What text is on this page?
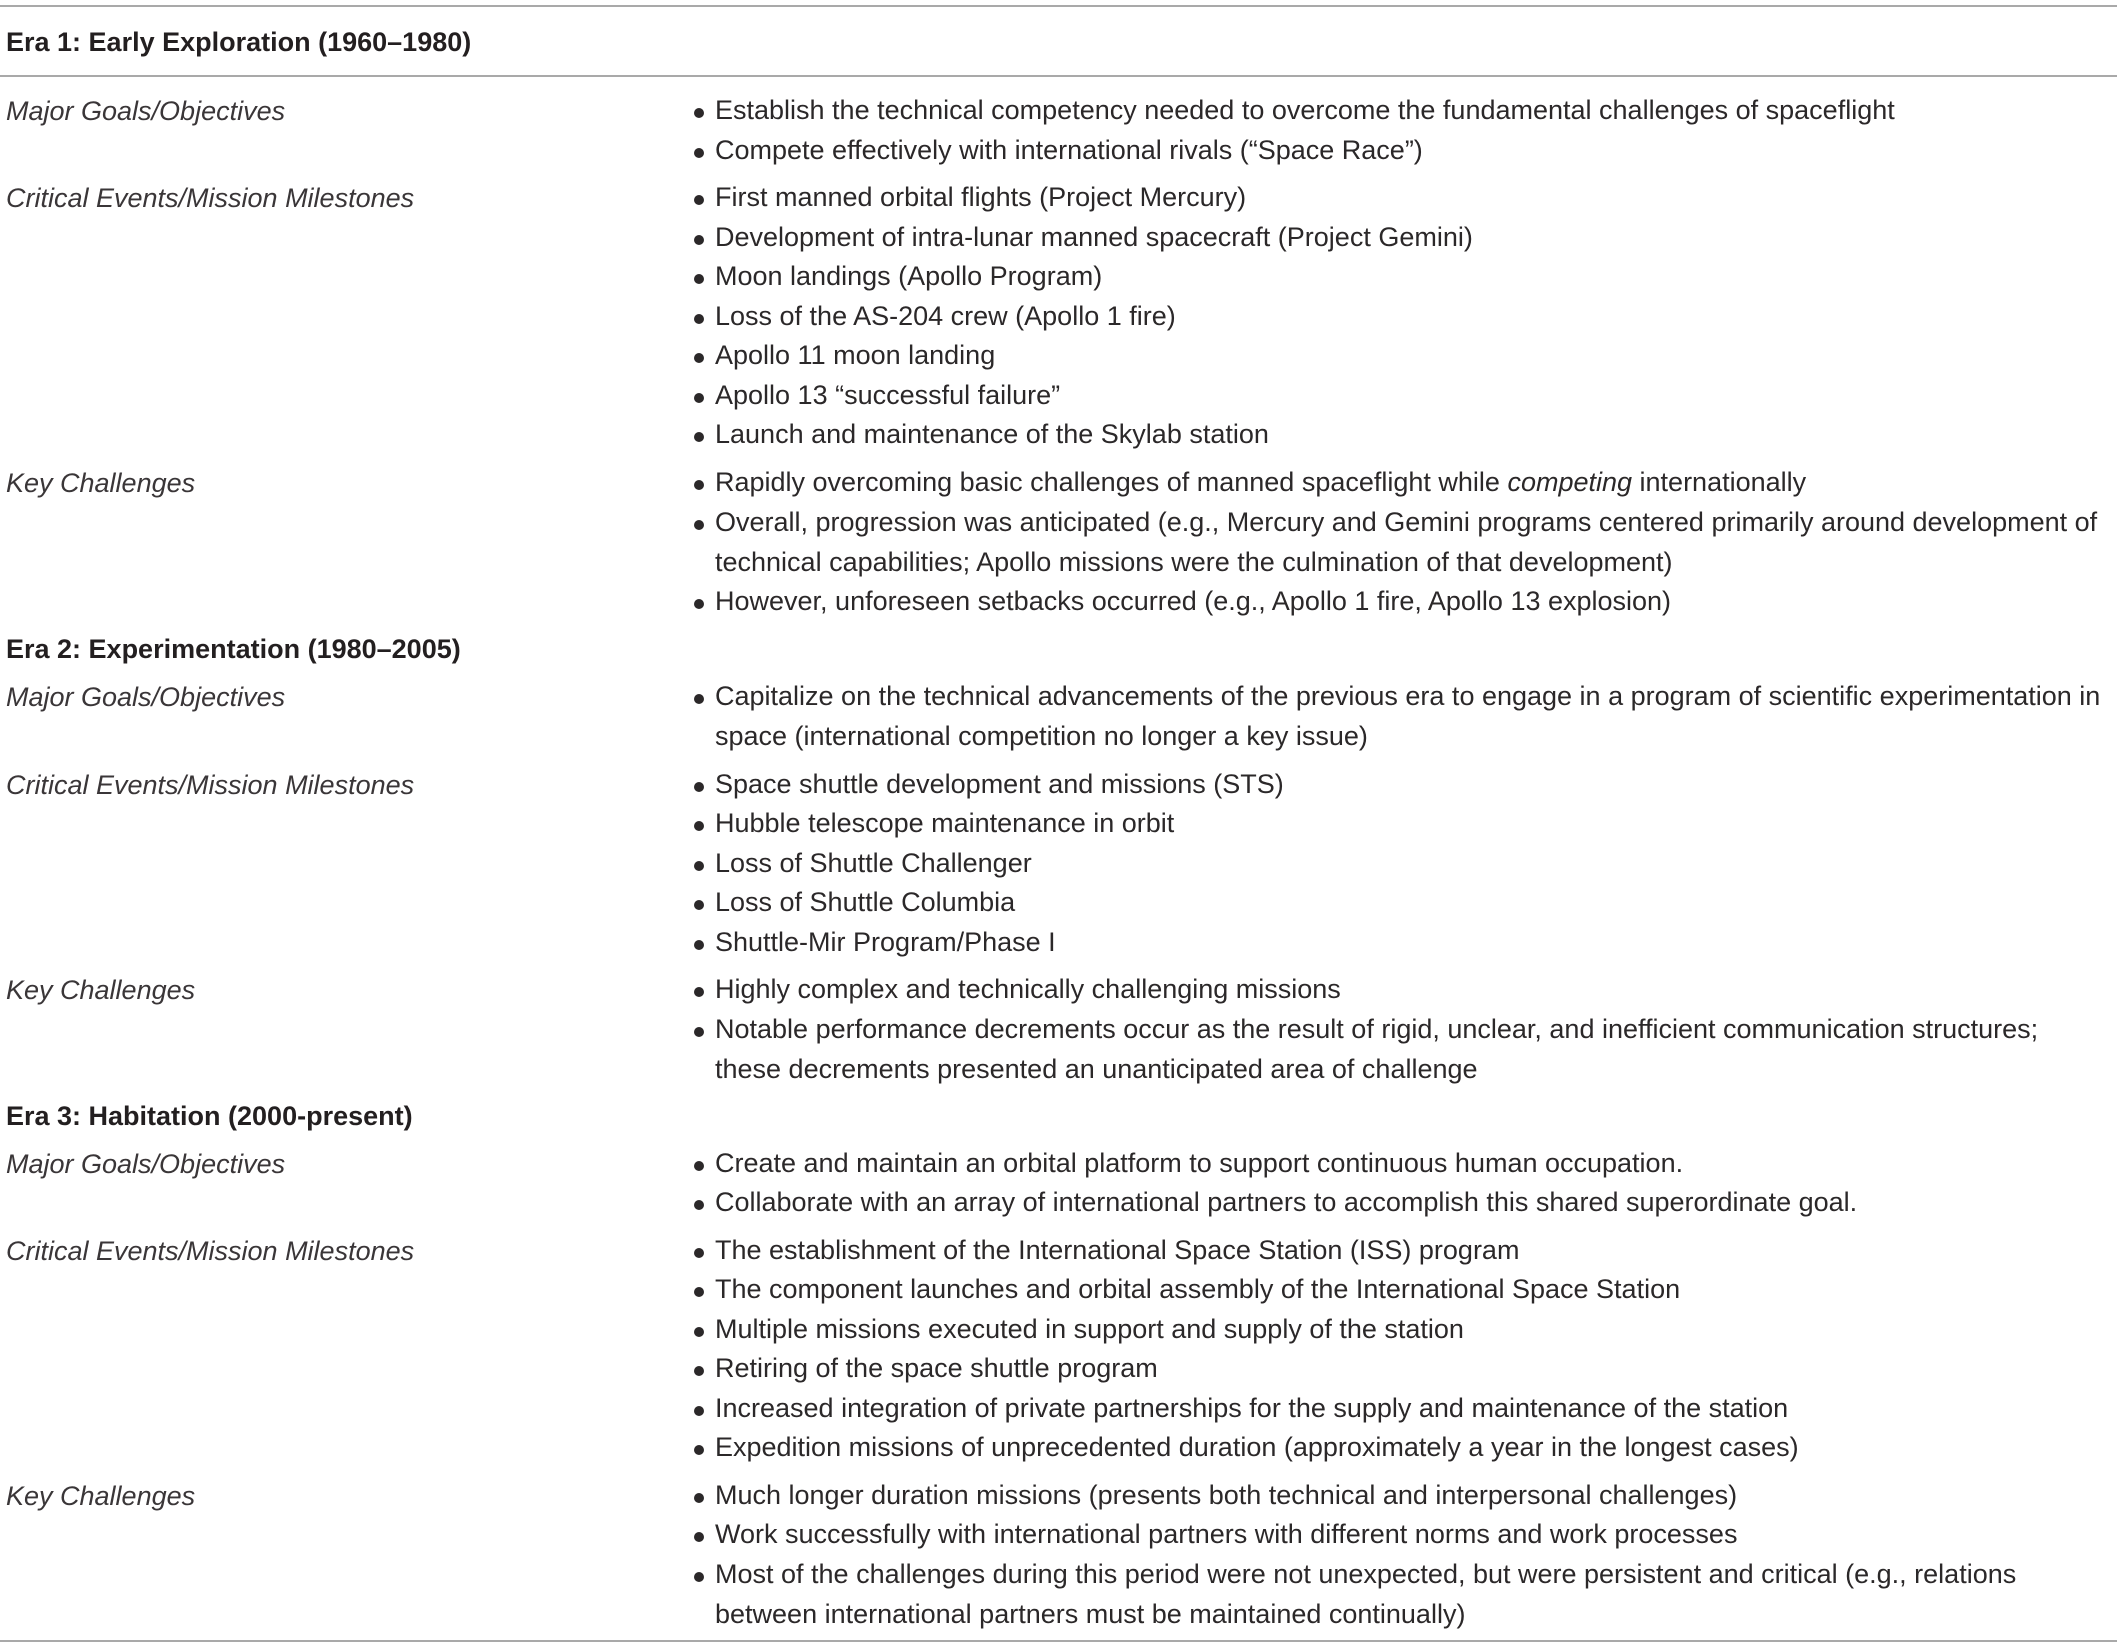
Era 1: Early Exploration (1960–1980)
Major Goals/Objectives	Establish the technical competency needed to overcome the fundamental challenges of spaceflight
Compete effectively with international rivals (“Space Race”)
Critical Events/Mission Milestones	First manned orbital flights (Project Mercury)
Development of intra-lunar manned spacecraft (Project Gemini)
Moon landings (Apollo Program)
Loss of the AS-204 crew (Apollo 1 fire)
Apollo 11 moon landing
Apollo 13 “successful failure”
Launch and maintenance of the Skylab station
Key Challenges	Rapidly overcoming basic challenges of manned spaceflight while competing internationally
Overall, progression was anticipated (e.g., Mercury and Gemini programs centered primarily around development of technical capabilities; Apollo missions were the culmination of that development)
However, unforeseen setbacks occurred (e.g., Apollo 1 fire, Apollo 13 explosion)
Era 2: Experimentation (1980–2005)
Major Goals/Objectives	Capitalize on the technical advancements of the previous era to engage in a program of scientific experimentation in space (international competition no longer a key issue)
Critical Events/Mission Milestones	Space shuttle development and missions (STS)
Hubble telescope maintenance in orbit
Loss of Shuttle Challenger
Loss of Shuttle Columbia
Shuttle-Mir Program/Phase I
Key Challenges	Highly complex and technically challenging missions
Notable performance decrements occur as the result of rigid, unclear, and inefficient communication structures; these decrements presented an unanticipated area of challenge
Era 3: Habitation (2000-present)
Major Goals/Objectives	Create and maintain an orbital platform to support continuous human occupation.
Collaborate with an array of international partners to accomplish this shared superordinate goal.
Critical Events/Mission Milestones	The establishment of the International Space Station (ISS) program
The component launches and orbital assembly of the International Space Station
Multiple missions executed in support and supply of the station
Retiring of the space shuttle program
Increased integration of private partnerships for the supply and maintenance of the station
Expedition missions of unprecedented duration (approximately a year in the longest cases)
Key Challenges	Much longer duration missions (presents both technical and interpersonal challenges)
Work successfully with international partners with different norms and work processes
Most of the challenges during this period were not unexpected, but were persistent and critical (e.g., relations between international partners must be maintained continually)
